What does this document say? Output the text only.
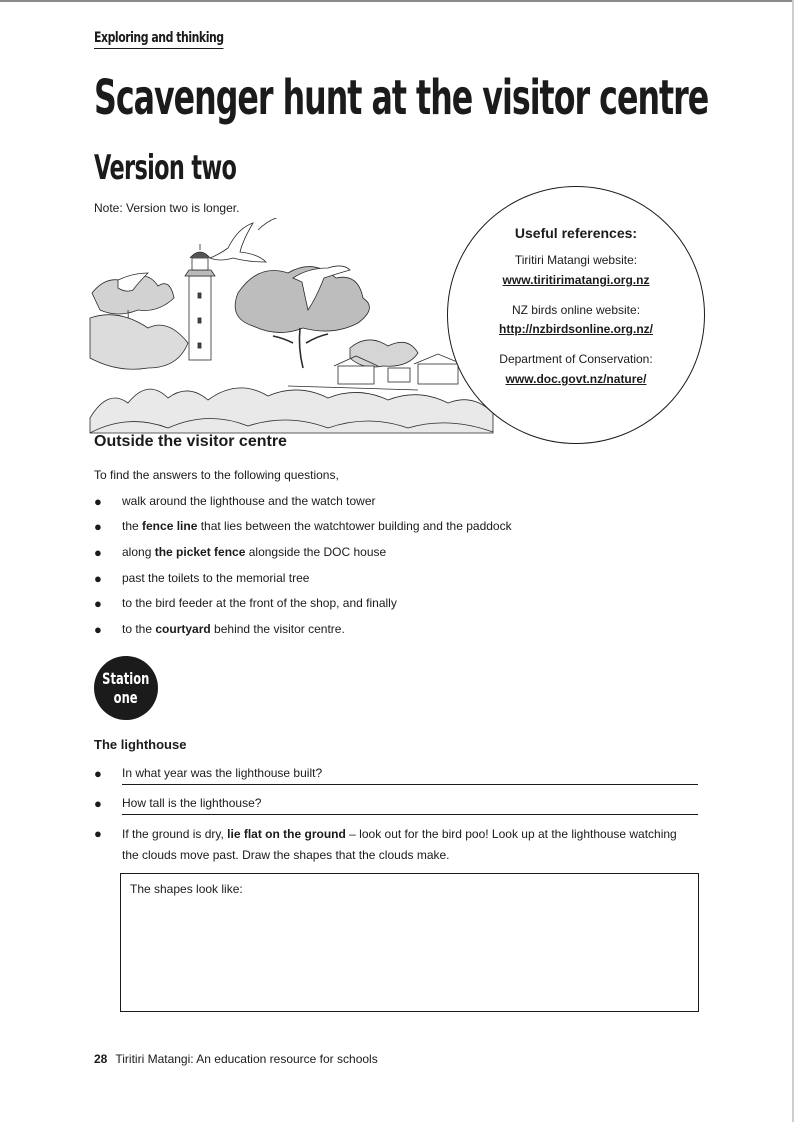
Exploring and thinking
Scavenger hunt at the visitor centre
Version two
Note: Version two is longer.
Useful references:
Tiritiri Matangi website:
www.tiritirimatangi.org.nz
NZ birds online website:
http://nzbirdsonline.org.nz/
Department of Conservation:
www.doc.govt.nz/nature/
Outside the visitor centre
To find the answers to the following questions,
● walk around the lighthouse and the watch tower
● the fence line that lies between the watchtower building and the paddock
● along the picket fence alongside the DOC house
● past the toilets to the memorial tree
● to the bird feeder at the front of the shop, and finally
● to the courtyard behind the visitor centre.
Station
one
The lighthouse
● In what year was the lighthouse built?
● How tall is the lighthouse?
● If the ground is dry, lie flat on the ground – look out for the bird poo! Look up at the lighthouse watching the clouds move past. Draw the shapes that the clouds make.
The shapes look like:
28 Tiritiri Matangi: An education resource for schools
